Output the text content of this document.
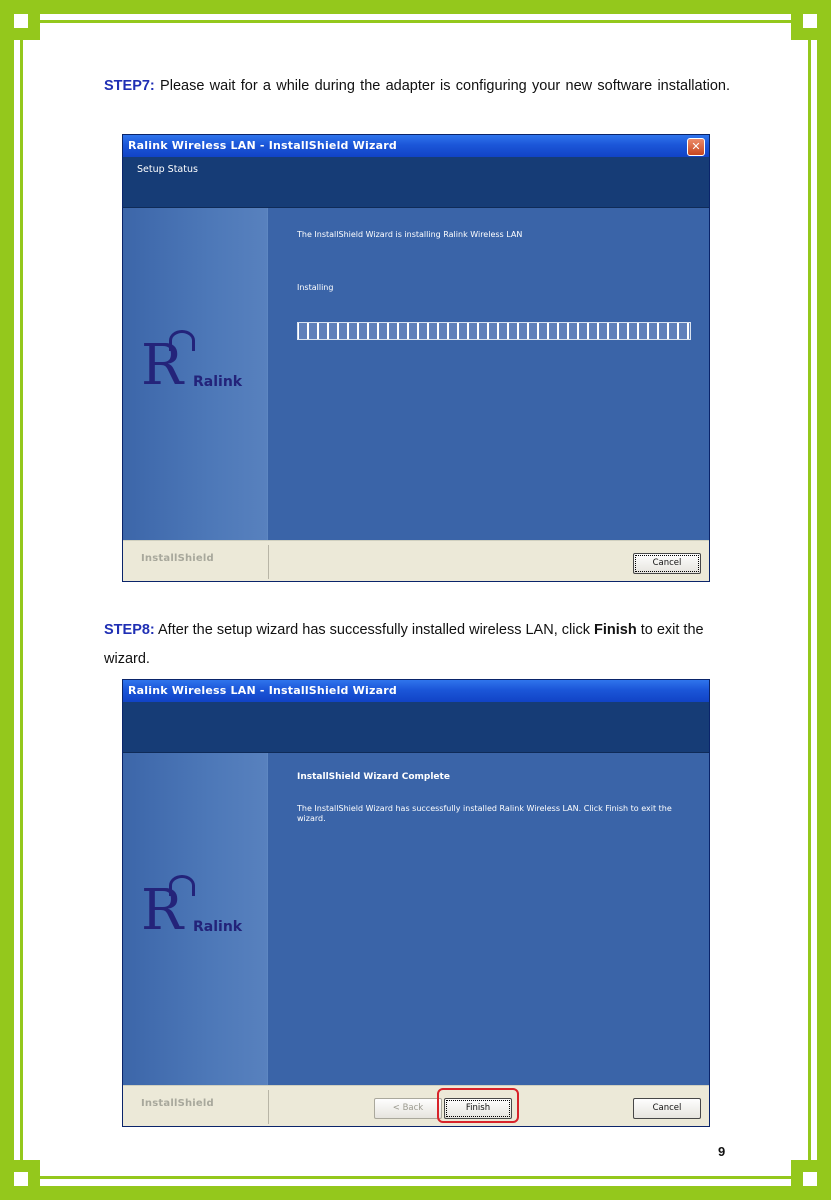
STEP7: Please wait for a while during the adapter is configuring your new software installation.

Ralink Wireless LAN - InstallShield Wizard	✕
Setup Status
R Ralink
The InstallShield Wizard is installing Ralink Wireless LAN
Installing
InstallShield	Cancel

STEP8: After the setup wizard has successfully installed wireless LAN, click Finish to exit the wizard.

Ralink Wireless LAN - InstallShield Wizard
R Ralink
InstallShield Wizard Complete
The InstallShield Wizard has successfully installed Ralink Wireless LAN. Click Finish to exit the wizard.
InstallShield	< Back	Finish	Cancel
9
